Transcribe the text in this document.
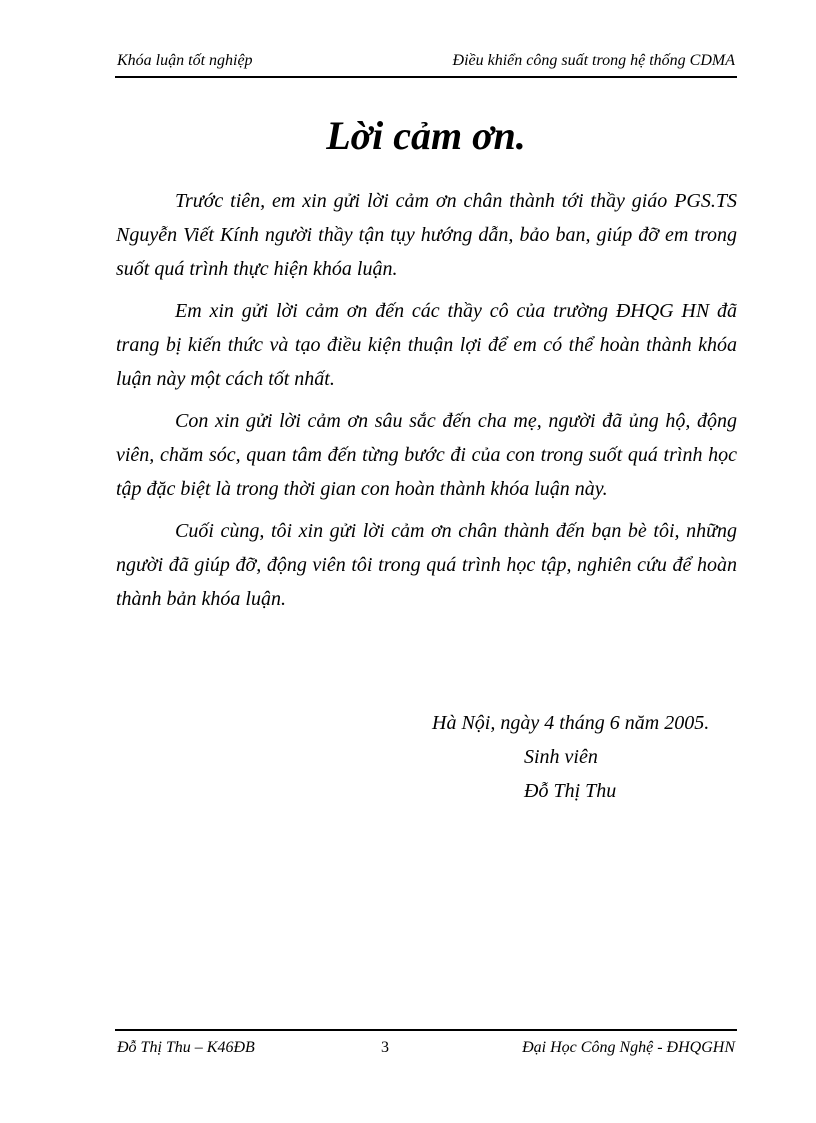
Khóa luận tốt nghiệp	Điều khiển công suất trong hệ thống CDMA
Lời cảm ơn.

Trước tiên, em xin gửi lời cảm ơn chân thành tới thầy giáo PGS.TS Nguyễn Viết Kính người thầy tận tụy hướng dẫn, bảo ban, giúp đỡ em trong suốt quá trình thực hiện khóa luận.

Em xin gửi lời cảm ơn đến các thầy cô của trường ĐHQG HN đã trang bị kiến thức và tạo điều kiện thuận lợi để em có thể hoàn thành khóa luận này một cách tốt nhất.

Con xin gửi lời cảm ơn sâu sắc đến cha mẹ, người đã ủng hộ, động viên, chăm sóc, quan tâm đến từng bước đi của con trong suốt quá trình học tập đặc biệt là trong thời gian con hoàn thành khóa luận này.

Cuối cùng, tôi xin gửi lời cảm ơn chân thành đến bạn bè tôi, những người đã giúp đỡ, động viên tôi trong quá trình học tập, nghiên cứu để hoàn thành bản khóa luận.

Hà Nội, ngày 4 tháng 6 năm 2005.
Sinh viên
Đỗ Thị Thu
Đỗ Thị Thu – K46ĐB	3	Đại Học Công Nghệ - ĐHQGHN
